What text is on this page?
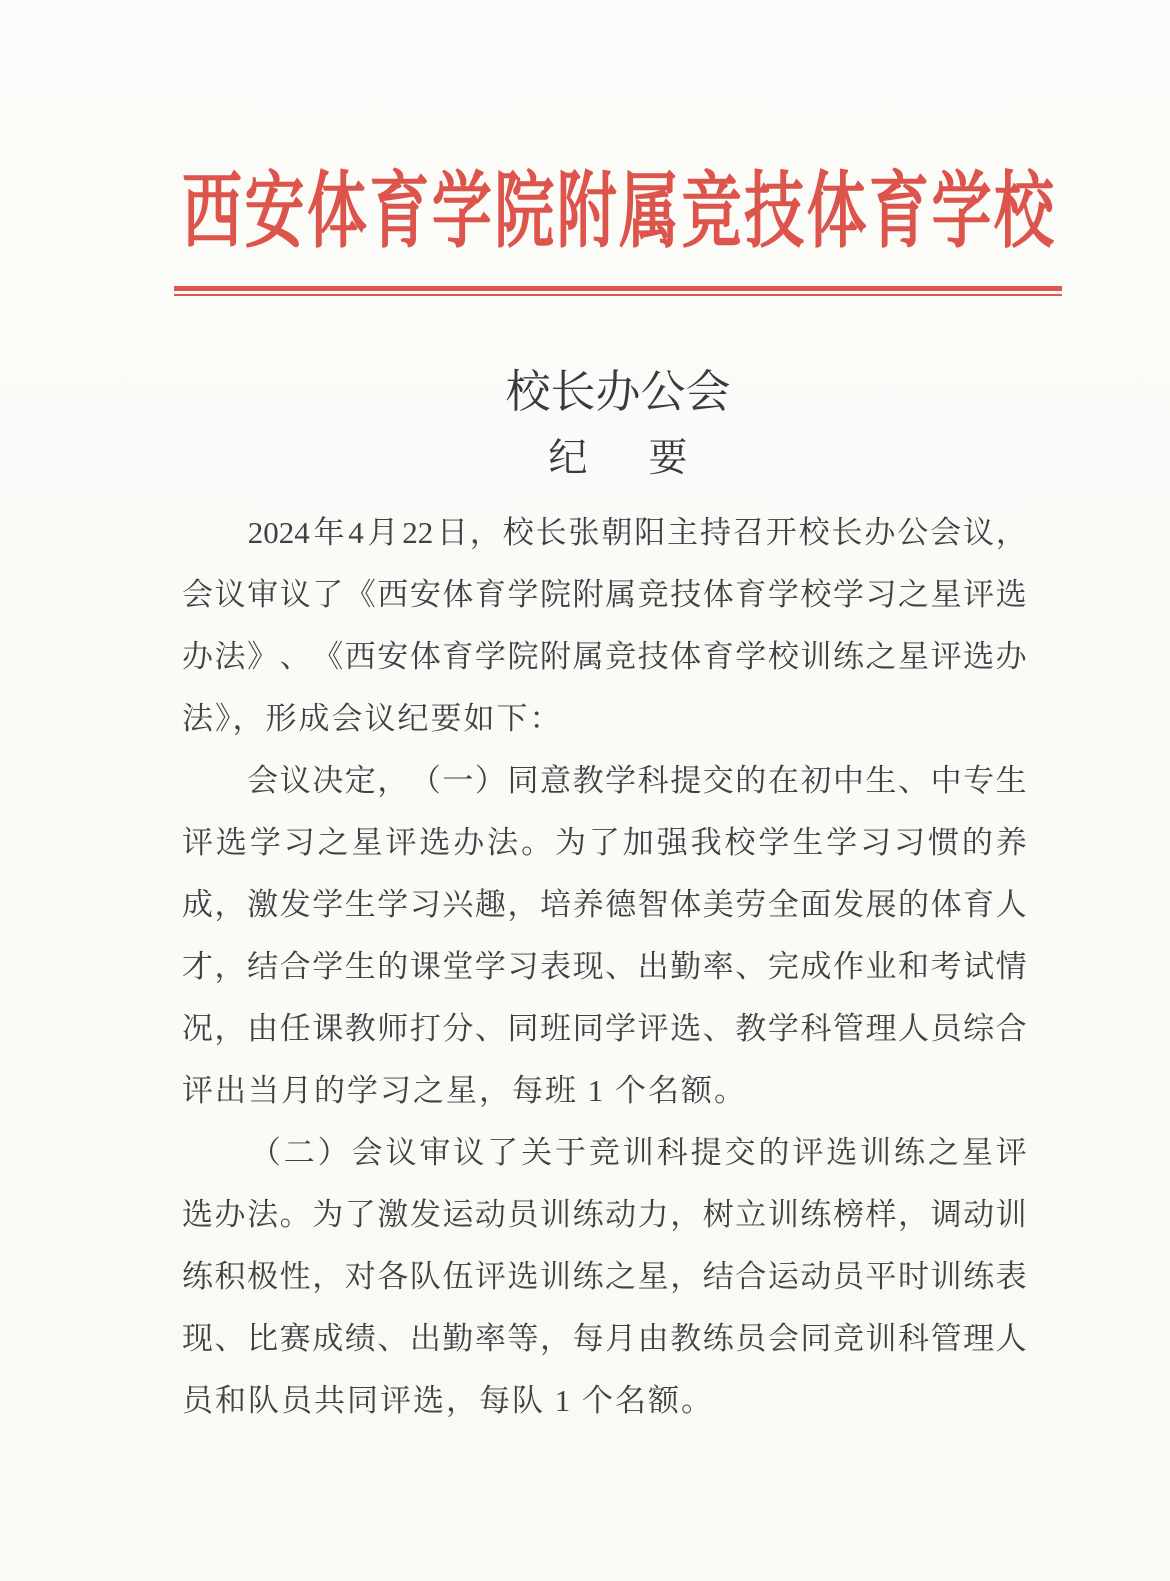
西 安 体 育 学 院 附 属 竞 技 体 育 学 校
校长办公会
纪　要

2024 年 4 月 22 日 ， 校 长 张 朝 阳 主 持 召 开 校 长 办 公 会 议 ，
会 议 审 议 了 《 西 安 体 育 学 院 附 属 竞 技 体 育 学 校 学 习 之 星 评 选
办 法 》 、 《 西 安 体 育 学 院 附 属 竞 技 体 育 学 校 训 练 之 星 评 选 办
法》，形成会议纪要如下：

会 议 决 定 ， （ 一 ） 同 意 教 学 科 提 交 的 在 初 中 生 、 中 专 生
评 选 学 习 之 星 评 选 办 法 。 为 了 加 强 我 校 学 生 学 习 习 惯 的 养
成 ， 激 发 学 生 学 习 兴 趣 ， 培 养 德 智 体 美 劳 全 面 发 展 的 体 育 人
才 ， 结 合 学 生 的 课 堂 学 习 表 现 、 出 勤 率 、 完 成 作 业 和 考 试 情
况 ， 由 任 课 教 师 打 分 、 同 班 同 学 评 选 、 教 学 科 管 理 人 员 综 合
评出当月的学习之星，每班 1 个名额。

（ 二 ） 会 议 审 议 了 关 于 竞 训 科 提 交 的 评 选 训 练 之 星 评
选 办 法 。 为 了 激 发 运 动 员 训 练 动 力 ， 树 立 训 练 榜 样 ， 调 动 训
练 积 极 性 ， 对 各 队 伍 评 选 训 练 之 星 ， 结 合 运 动 员 平 时 训 练 表
现 、 比 赛 成 绩 、 出 勤 率 等 ， 每 月 由 教 练 员 会 同 竞 训 科 管 理 人
员和队员共同评选，每队 1 个名额。
